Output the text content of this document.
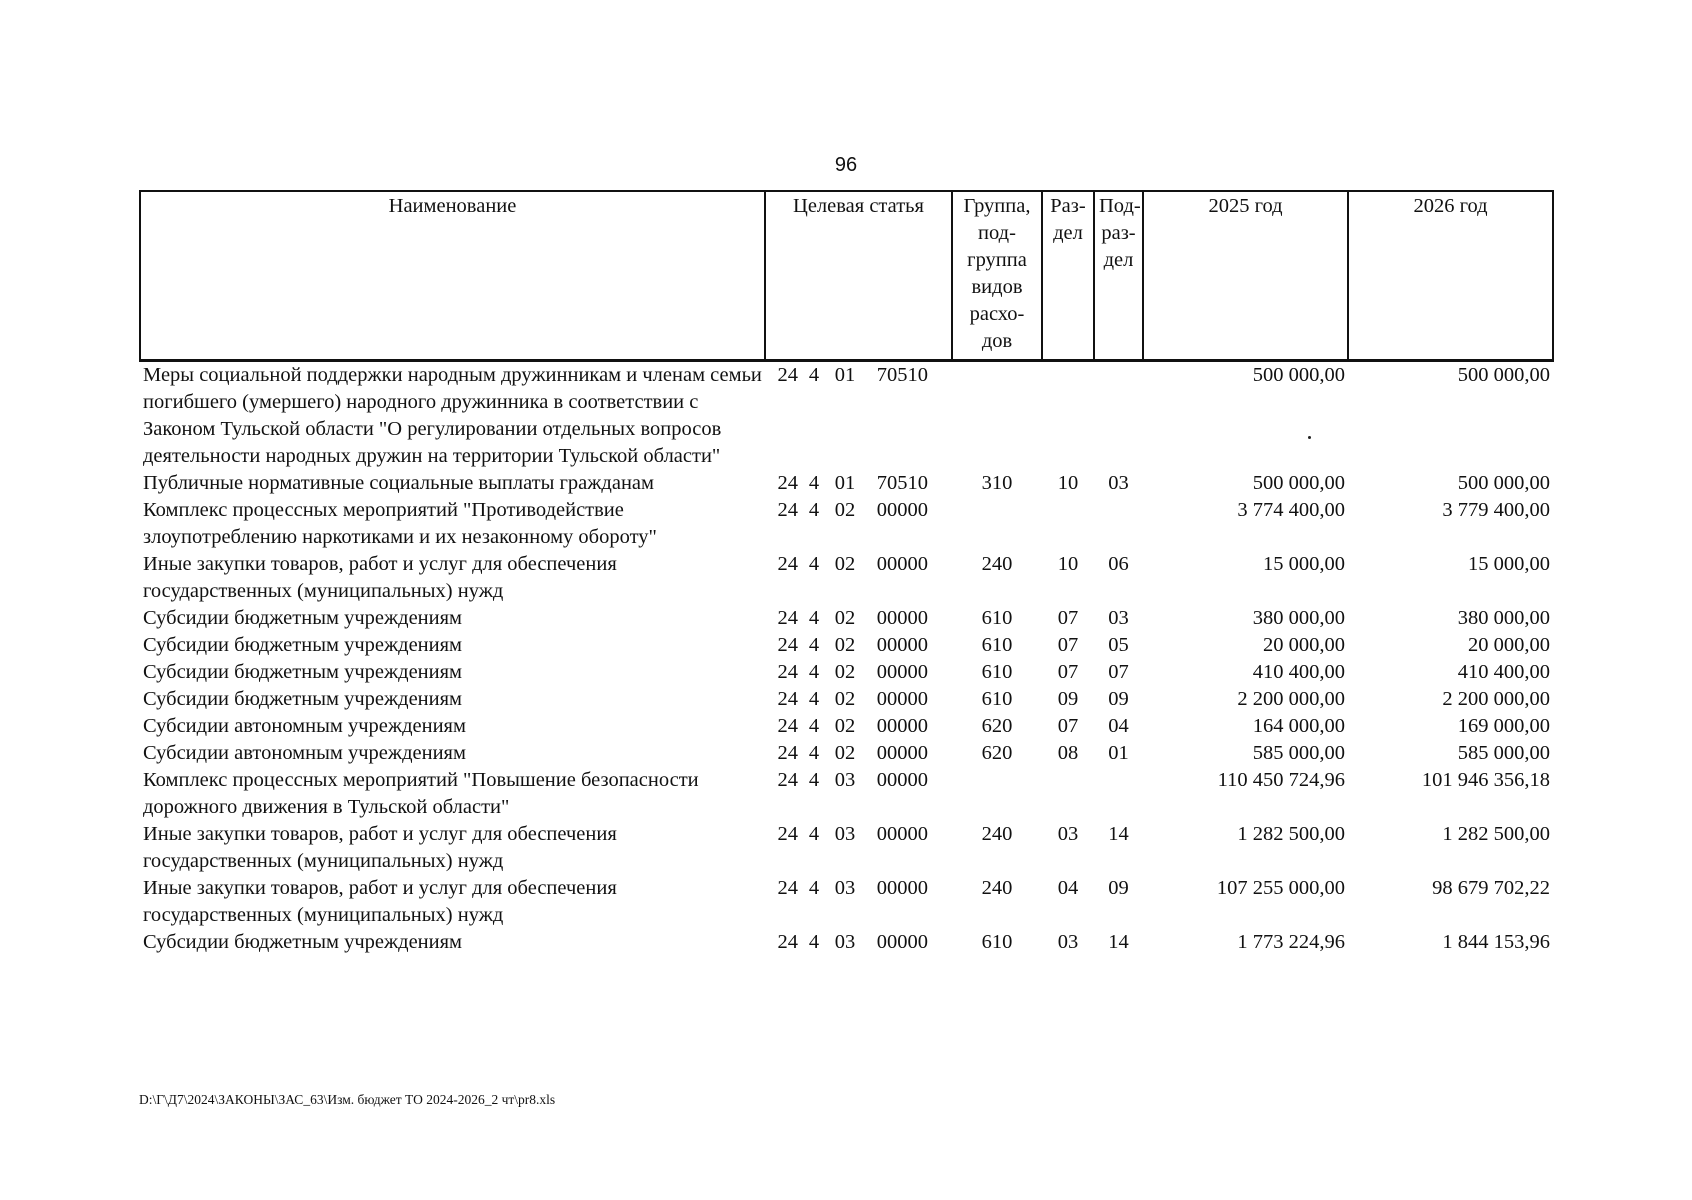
96
Наименование	Целевая статья	Группа, под-группа видов расхо-дов	Раз-дел	Под-раз-дел	2025 год	2026 год
Меры социальной поддержки народным дружинникам и членам семьи погибшего (умершего) народного дружинника в соответствии с Законом Тульской области "О регулировании отдельных вопросов деятельности народных дружин на территории Тульской области"	24 4 01 70510				500 000,00	500 000,00
Публичные нормативные социальные выплаты гражданам	24 4 01 70510	310	10	03	500 000,00	500 000,00
Комплекс процессных мероприятий "Противодействие злоупотреблению наркотиками и их незаконному обороту"	24 4 02 00000				3 774 400,00	3 779 400,00
Иные закупки товаров, работ и услуг для обеспечения государственных (муниципальных) нужд	24 4 02 00000	240	10	06	15 000,00	15 000,00
Субсидии бюджетным учреждениям	24 4 02 00000	610	07	03	380 000,00	380 000,00
Субсидии бюджетным учреждениям	24 4 02 00000	610	07	05	20 000,00	20 000,00
Субсидии бюджетным учреждениям	24 4 02 00000	610	07	07	410 400,00	410 400,00
Субсидии бюджетным учреждениям	24 4 02 00000	610	09	09	2 200 000,00	2 200 000,00
Субсидии автономным учреждениям	24 4 02 00000	620	07	04	164 000,00	169 000,00
Субсидии автономным учреждениям	24 4 02 00000	620	08	01	585 000,00	585 000,00
Комплекс процессных мероприятий "Повышение безопасности дорожного движения в Тульской области"	24 4 03 00000				110 450 724,96	101 946 356,18
Иные закупки товаров, работ и услуг для обеспечения государственных (муниципальных) нужд	24 4 03 00000	240	03	14	1 282 500,00	1 282 500,00
Иные закупки товаров, работ и услуг для обеспечения государственных (муниципальных) нужд	24 4 03 00000	240	04	09	107 255 000,00	98 679 702,22
Субсидии бюджетным учреждениям	24 4 03 00000	610	03	14	1 773 224,96	1 844 153,96
D:\Г\Д7\2024\ЗАКОНЫ\ЗАС_63\Изм. бюджет ТО 2024-2026_2 чт\pr8.xls
